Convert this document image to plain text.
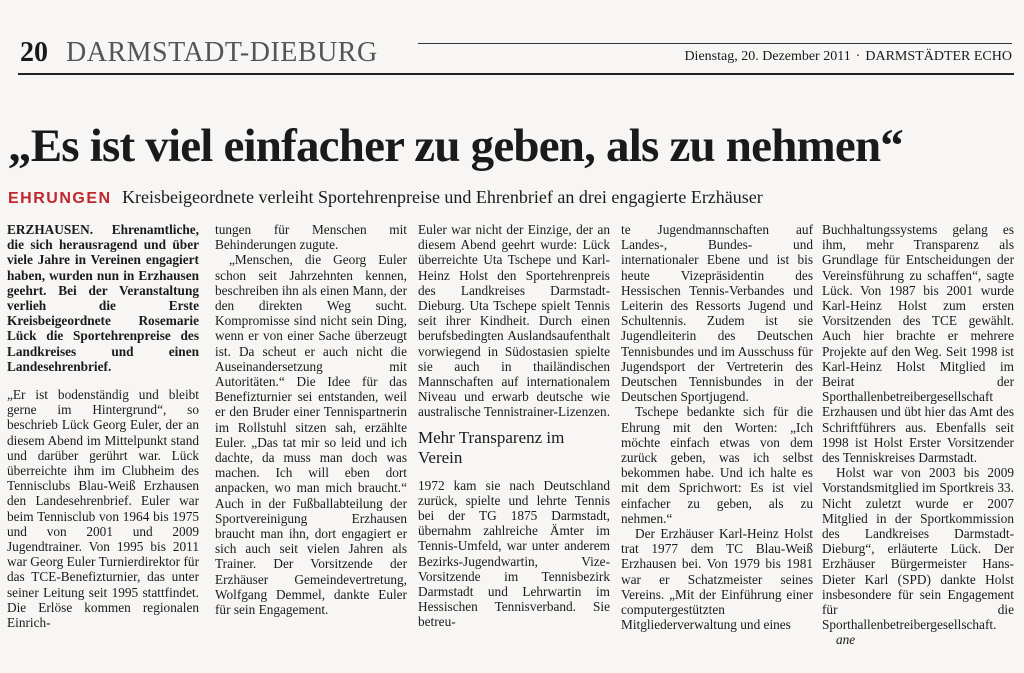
20 DARMSTADT-DIEBURG	Dienstag, 20. Dezember 2011 · DARMSTÄDTER ECHO
„Es ist viel einfacher zu geben, als zu nehmen“
EHRUNGEN Kreisbeigeordnete verleiht Sportehrenpreise und Ehrenbrief an drei engagierte Erzhäuser

ERZHAUSEN. Ehrenamtliche, die sich herausragend und über viele Jahre in Vereinen engagiert haben, wurden nun in Erzhausen geehrt. Bei der Veranstaltung verlieh die Erste Kreisbeigeordnete Rosemarie Lück die Sportehrenpreise des Landkreises und einen Landesehrenbrief.

„Er ist bodenständig und bleibt gerne im Hintergrund“, so beschrieb Lück Georg Euler, der an diesem Abend im Mittelpunkt stand und darüber gerührt war. Lück überreichte ihm im Clubheim des Tennisclubs Blau-Weiß Erzhausen den Landesehrenbrief. Euler war beim Tennisclub von 1964 bis 1975 und von 2001 und 2009 Jugendtrainer. Von 1995 bis 2011 war Georg Euler Turnierdirektor für das TCE-Benefizturnier, das unter seiner Leitung seit 1995 stattfindet. Die Erlöse kommen regionalen Einrich-

tungen für Menschen mit Behinderungen zugute.

„Menschen, die Georg Euler schon seit Jahrzehnten kennen, beschreiben ihn als einen Mann, der den direkten Weg sucht. Kompromisse sind nicht sein Ding, wenn er von einer Sache überzeugt ist. Da scheut er auch nicht die Auseinandersetzung mit Autoritäten.“ Die Idee für das Benefizturnier sei entstanden, weil er den Bruder einer Tennispartnerin im Rollstuhl sitzen sah, erzählte Euler. „Das tat mir so leid und ich dachte, da muss man doch was machen. Ich will eben dort anpacken, wo man mich braucht.“ Auch in der Fußballabteilung der Sportvereinigung Erzhausen braucht man ihn, dort engagiert er sich auch seit vielen Jahren als Trainer. Der Vorsitzende der Erzhäuser Gemeindevertretung, Wolfgang Demmel, dankte Euler für sein Engagement.

Euler war nicht der Einzige, der an diesem Abend geehrt wurde: Lück überreichte Uta Tschepe und Karl-Heinz Holst den Sportehrenpreis des Landkreises Darmstadt-Dieburg. Uta Tschepe spielt Tennis seit ihrer Kindheit. Durch einen berufsbedingten Auslandsaufenthalt vorwiegend in Südostasien spielte sie auch in thailändischen Mannschaften auf internationalem Niveau und erwarb deutsche wie australische Tennistrainer-Lizenzen.

Mehr Transparenz im Verein

1972 kam sie nach Deutschland zurück, spielte und lehrte Tennis bei der TG 1875 Darmstadt, übernahm zahlreiche Ämter im Tennis-Umfeld, war unter anderem Bezirks-Jugendwartin, Vize-Vorsitzende im Tennisbezirk Darmstadt und Lehrwartin im Hessischen Tennisverband. Sie betreu-

te Jugendmannschaften auf Landes-, Bundes- und internationaler Ebene und ist bis heute Vizepräsidentin des Hessischen Tennis-Verbandes und Leiterin des Ressorts Jugend und Schultennis. Zudem ist sie Jugendleiterin des Deutschen Tennisbundes und im Ausschuss für Jugendsport der Vertreterin des Deutschen Tennisbundes in der Deutschen Sportjugend.

Tschepe bedankte sich für die Ehrung mit den Worten: „Ich möchte einfach etwas von dem zurück geben, was ich selbst bekommen habe. Und ich halte es mit dem Sprichwort: Es ist viel einfacher zu geben, als zu nehmen.“

Der Erzhäuser Karl-Heinz Holst trat 1977 dem TC Blau-Weiß Erzhausen bei. Von 1979 bis 1981 war er Schatzmeister seines Vereins. „Mit der Einführung einer computergestützten Mitgliederverwaltung und eines

Buchhaltungssystems gelang es ihm, mehr Transparenz als Grundlage für Entscheidungen der Vereinsführung zu schaffen“, sagte Lück. Von 1987 bis 2001 wurde Karl-Heinz Holst zum ersten Vorsitzenden des TCE gewählt. Auch hier brachte er mehrere Projekte auf den Weg. Seit 1998 ist Karl-Heinz Holst Mitglied im Beirat der Sporthallenbetreibergesellschaft Erzhausen und übt hier das Amt des Schriftführers aus. Ebenfalls seit 1998 ist Holst Erster Vorsitzender des Tenniskreises Darmstadt.

Holst war von 2003 bis 2009 Vorstandsmitglied im Sportkreis 33. Nicht zuletzt wurde er 2007 Mitglied in der Sportkommission des Landkreises Darmstadt-Dieburg“, erläuterte Lück. Der Erzhäuser Bürgermeister Hans-Dieter Karl (SPD) dankte Holst insbesondere für sein Engagement für die Sporthallenbetreibergesellschaft.

ane
